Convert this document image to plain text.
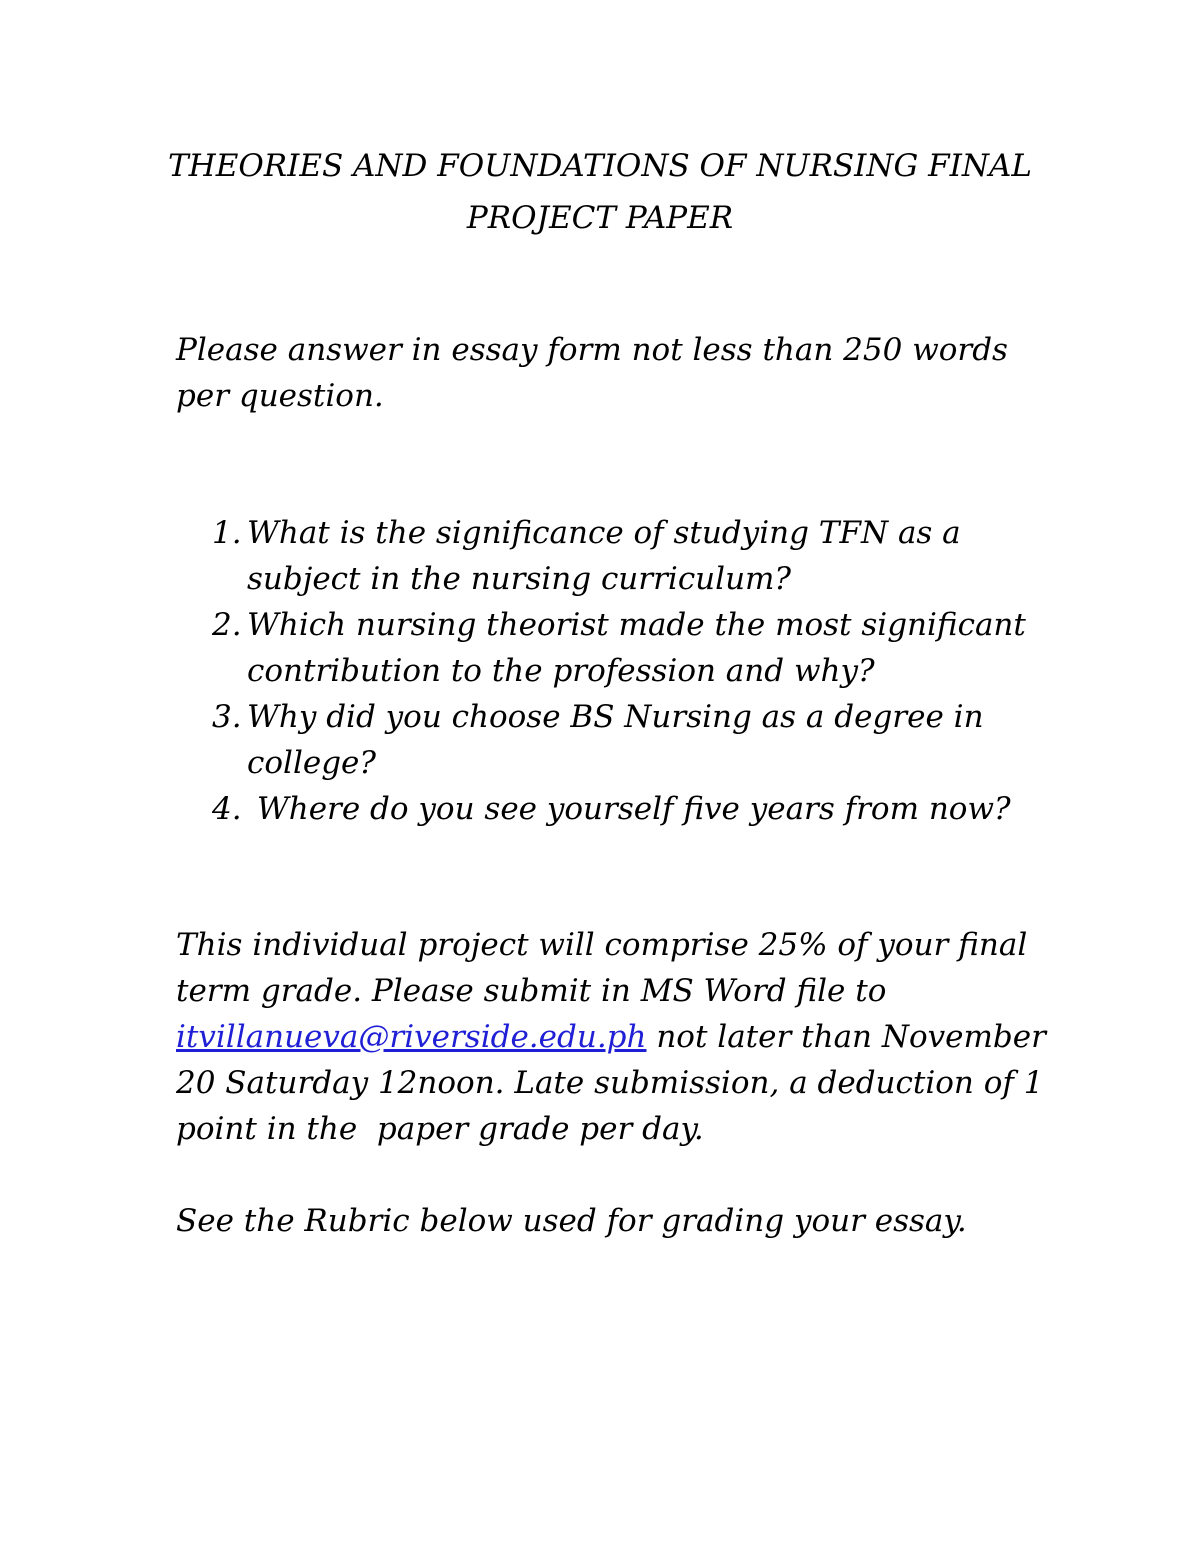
THEORIES AND FOUNDATIONS OF NURSING FINAL
PROJECT PAPER

Please answer in essay form not less than 250 words per question.

1. What is the significance of studying TFN as a subject in the nursing curriculum?
2. Which nursing theorist made the most significant contribution to the profession and why?
3. Why did you choose BS Nursing as a degree in college?
4. Where do you see yourself five years from now?

This individual project will comprise 25% of your final term grade. Please submit in MS Word file to itvillanueva@riverside.edu.ph not later than November 20 Saturday 12noon. Late submission, a deduction of 1 point in the  paper grade per day.

See the Rubric below used for grading your essay.
